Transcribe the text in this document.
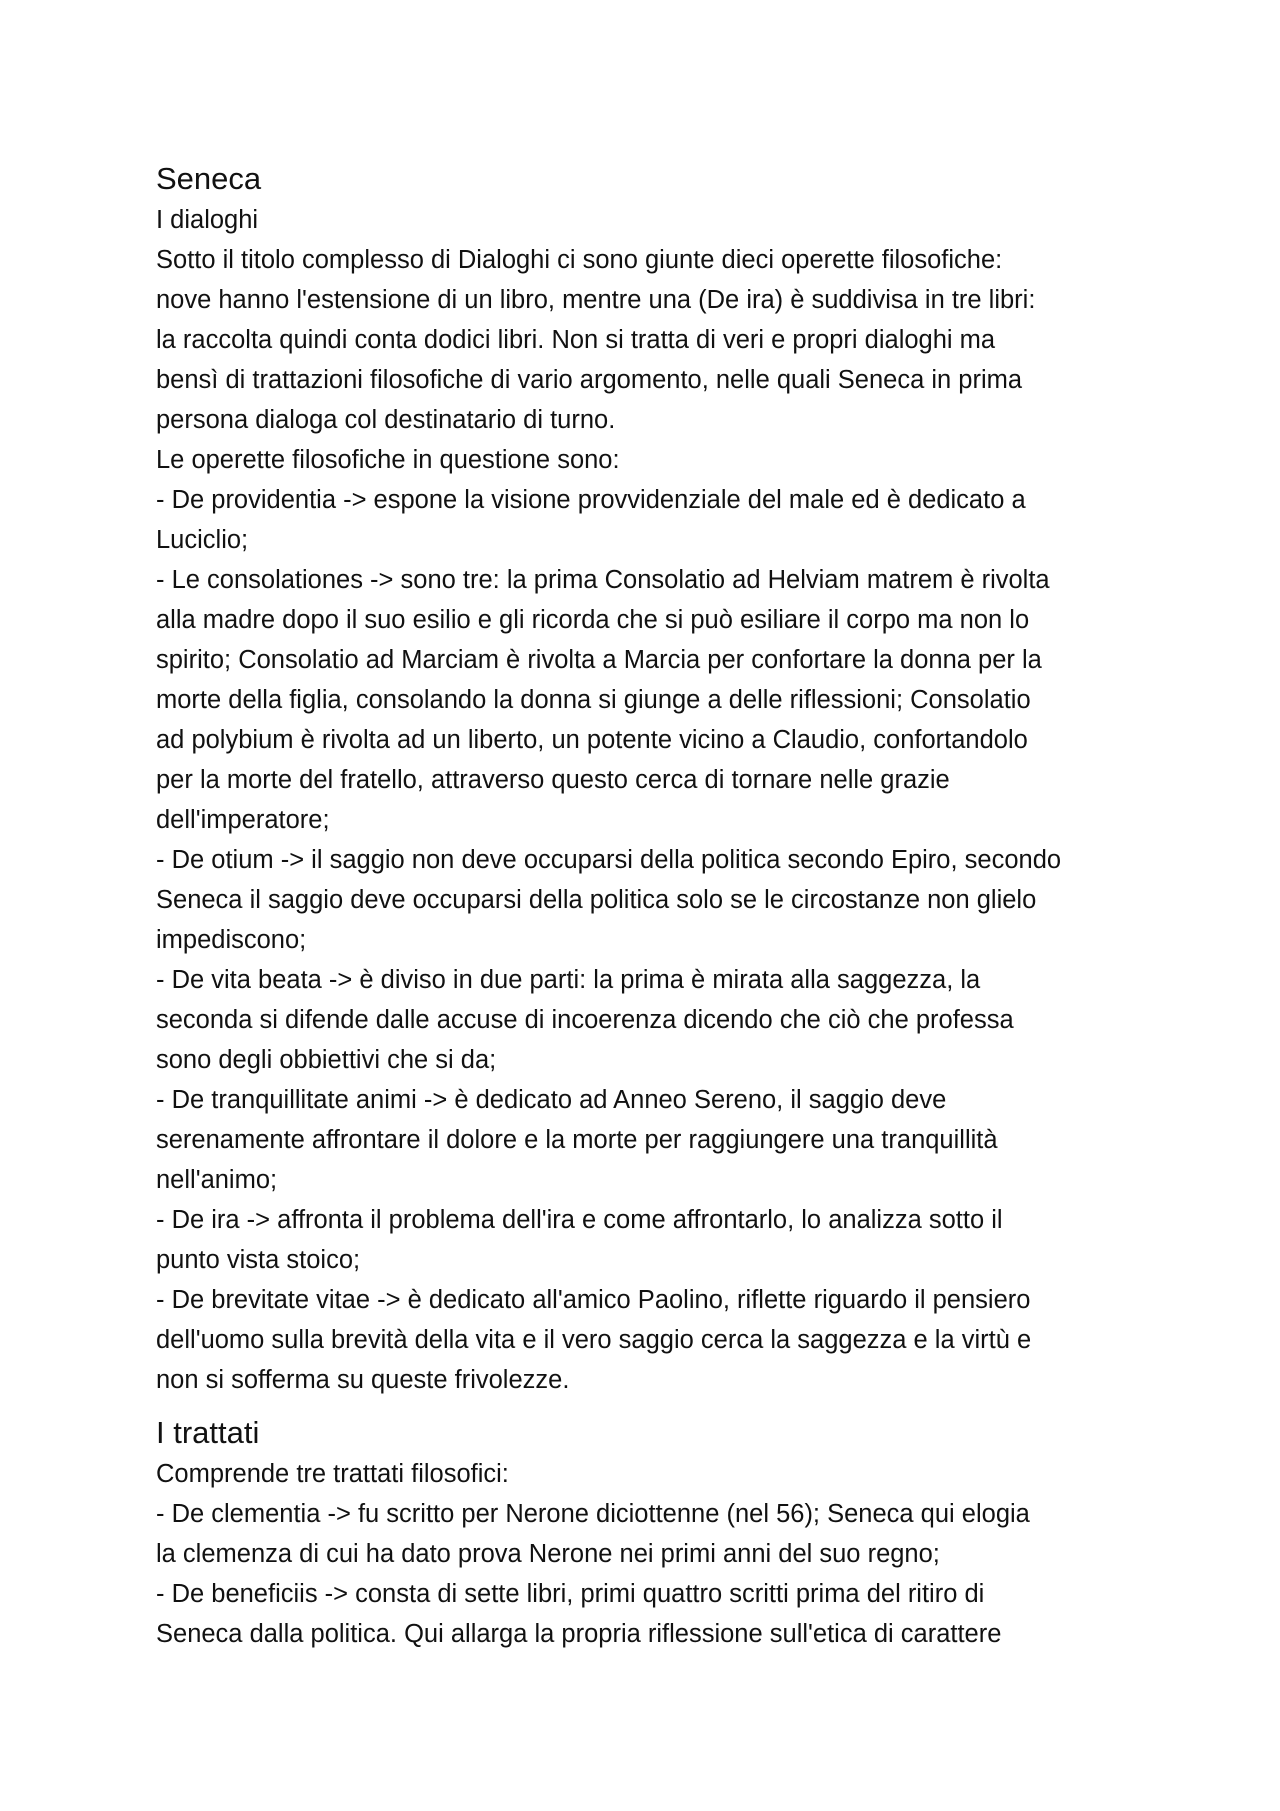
Seneca

I dialoghi

Sotto il titolo complesso di Dialoghi ci sono giunte dieci operette filosofiche:

nove hanno l'estensione di un libro, mentre una (De ira) è suddivisa in tre libri:

la raccolta quindi conta dodici libri. Non si tratta di veri e propri dialoghi ma

bensì di trattazioni filosofiche di vario argomento, nelle quali Seneca in prima

persona dialoga col destinatario di turno.

Le operette filosofiche in questione sono:

- De providentia -> espone la visione provvidenziale del male ed è dedicato a

Luciclio;

- Le consolationes -> sono tre: la prima Consolatio ad Helviam matrem è rivolta

alla madre dopo il suo esilio e gli ricorda che si può esiliare il corpo ma non lo

spirito; Consolatio ad Marciam è rivolta a Marcia per confortare la donna per la

morte della figlia, consolando la donna si giunge a delle riflessioni; Consolatio

ad polybium è rivolta ad un liberto, un potente vicino a Claudio, confortandolo

per la morte del fratello, attraverso questo cerca di tornare nelle grazie

dell'imperatore;

- De otium -> il saggio non deve occuparsi della politica secondo Epiro, secondo

Seneca il saggio deve occuparsi della politica solo se le circostanze non glielo

impediscono;

- De vita beata -> è diviso in due parti: la prima è mirata alla saggezza, la

seconda si difende dalle accuse di incoerenza dicendo che ciò che professa

sono degli obbiettivi che si da;

- De tranquillitate animi -> è dedicato ad Anneo Sereno, il saggio deve

serenamente affrontare il dolore e la morte per raggiungere una tranquillità

nell'animo;

- De ira -> affronta il problema dell'ira e come affrontarlo, lo analizza sotto il

punto vista stoico;

- De brevitate vitae -> è dedicato all'amico Paolino, riflette riguardo il pensiero

dell'uomo sulla brevità della vita e il vero saggio cerca la saggezza e la virtù e

non si sofferma su queste frivolezze.

I trattati

Comprende tre trattati filosofici:

- De clementia -> fu scritto per Nerone diciottenne (nel 56); Seneca qui elogia

la clemenza di cui ha dato prova Nerone nei primi anni del suo regno;

- De beneficiis -> consta di sette libri, primi quattro scritti prima del ritiro di

Seneca dalla politica. Qui allarga la propria riflessione sull'etica di carattere
